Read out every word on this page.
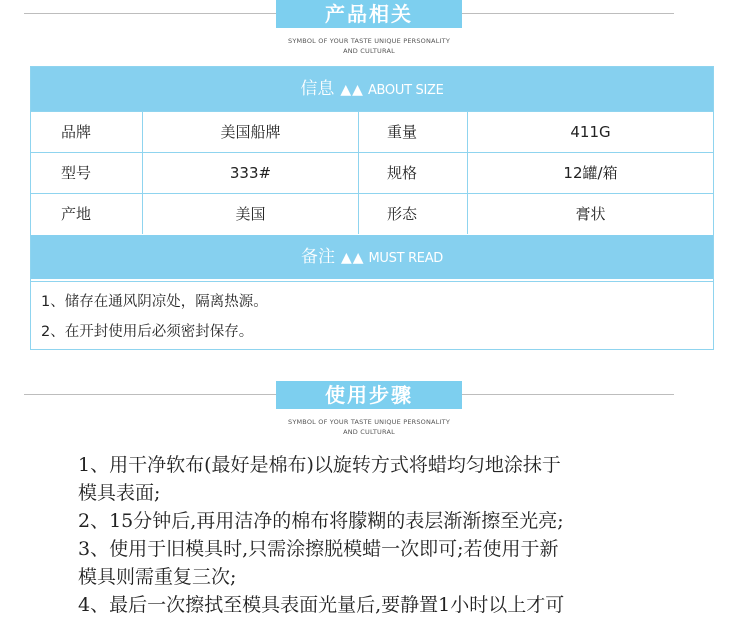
产品相关
SYMBOL OF YOUR TASTE UNIQUE PERSONALITY
AND CULTURAL
信息 ▲▲ ABOUT SIZE
品牌	美国船牌	重量	411G
型号	333#	规格	12罐/箱
产地	美国	形态	膏状
备注 ▲▲ MUST READ
1、储存在通风阴凉处，隔离热源。
2、在开封使用后必须密封保存。
使用步骤
SYMBOL OF YOUR TASTE UNIQUE PERSONALITY
AND CULTURAL
1、用干净软布(最好是棉布)以旋转方式将蜡均匀地涂抹于
模具表面;
2、15分钟后,再用洁净的棉布将朦糊的表层渐渐擦至光亮;
3、使用于旧模具时,只需涂擦脱模蜡一次即可;若使用于新
模具则需重复三次;
4、最后一次擦拭至模具表面光量后,要静置1小时以上才可
